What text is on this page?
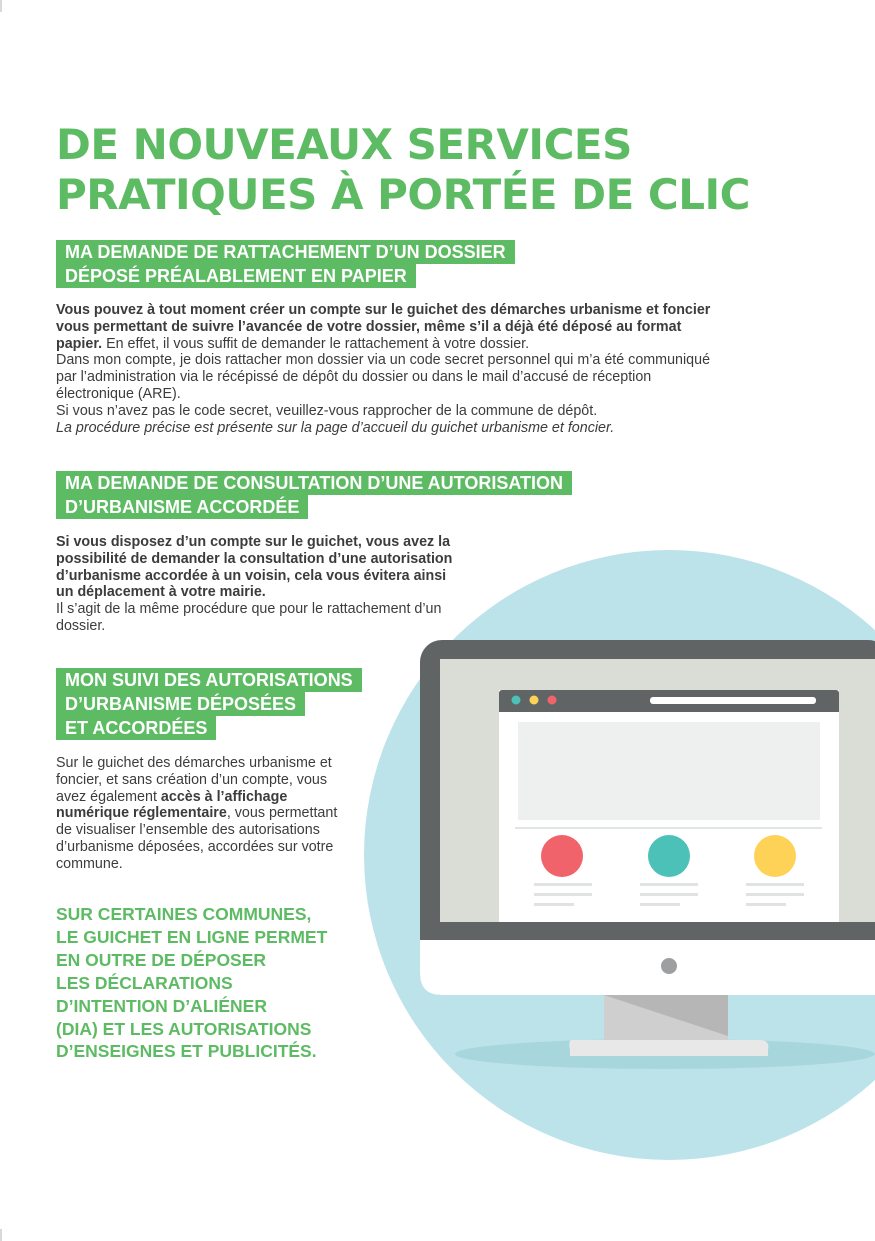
DE NOUVEAUX SERVICES
PRATIQUES À PORTÉE DE CLIC
MA DEMANDE DE RATTACHEMENT D’UN DOSSIER
DÉPOSÉ PRÉALABLEMENT EN PAPIER

Vous pouvez à tout moment créer un compte sur le guichet des démarches urbanisme et foncier vous permettant de suivre l’avancée de votre dossier, même s’il a déjà été déposé au format papier. En effet, il vous suffit de demander le rattachement à votre dossier.
Dans mon compte, je dois rattacher mon dossier via un code secret personnel qui m’a été communiqué par l’administration via le récépissé de dépôt du dossier ou dans le mail d’accusé de réception électronique (ARE).
Si vous n’avez pas le code secret, veuillez-vous rapprocher de la commune de dépôt.
La procédure précise est présente sur la page d’accueil du guichet urbanisme et foncier.

MA DEMANDE DE CONSULTATION D’UNE AUTORISATION
D’URBANISME ACCORDÉE

Si vous disposez d’un compte sur le guichet, vous avez la possibilité de demander la consultation d’une autorisation d’urbanisme accordée à un voisin, cela vous évitera ainsi un déplacement à votre mairie.
Il s’agit de la même procédure que pour le rattachement d’un dossier.

MON SUIVI DES AUTORISATIONS
D’URBANISME DÉPOSÉES
ET ACCORDÉES

Sur le guichet des démarches urbanisme et foncier, et sans création d’un compte, vous avez également accès à l’affichage numérique réglementaire, vous permettant de visualiser l’ensemble des autorisations d’urbanisme déposées, accordées sur votre commune.

SUR CERTAINES COMMUNES,
LE GUICHET EN LIGNE PERMET
EN OUTRE DE DÉPOSER
LES DÉCLARATIONS
D’INTENTION D’ALIÉNER
(DIA) ET LES AUTORISATIONS
D’ENSEIGNES ET PUBLICITÉS.
